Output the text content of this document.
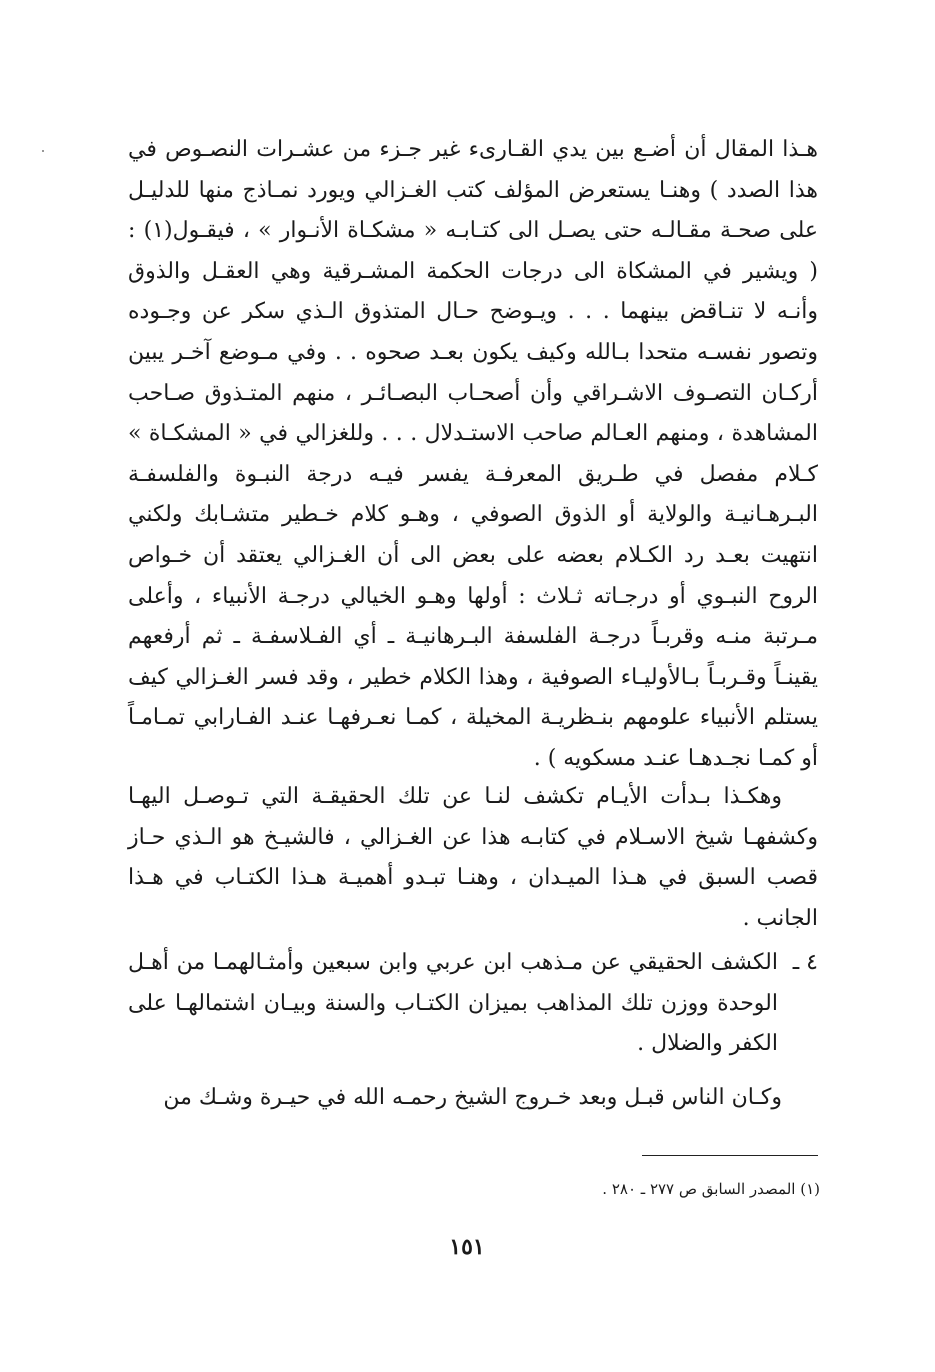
هـذا المقال أن أضـع بين يدي القـارىء غير جـزء من عشـرات النصـوص في هذا الصدد ) وهنـا يستعرض المؤلف كتب الغـزالي ويورد نمـاذج منها للدليـل على صحـة مقـالـه حتى يصـل الى كتـابـه « مشكـاة الأنـوار » ، فيقـول(١) : ( ويشير في المشكاة الى درجات الحكمة المشـرقية وهي العقـل والذوق وأنـه لا تنـاقض بينهما . . . ويـوضح حـال المتذوق الـذي سكر عن وجـوده وتصور نفسـه متحدا بـالله وكيف يكون بعـد صحوه . . وفي مـوضع آخـر يبين أركـان التصـوف الاشـراقي وأن أصحـاب البصـائـر ، منهم المتـذوق صـاحب المشاهدة ، ومنهم العـالم صاحب الاستـدلال . . . وللغزالي في « المشكـاة » كـلام مفصل في طـريق المعرفـة يفسر فيـه درجة النبـوة والفلسفـة البـرهـانيـة والولاية أو الذوق الصوفي ، وهـو كلام خـطير متشـابك ولكني انتهيت بعـد رد الكـلام بعضه على بعض الى أن الغـزالي يعتقد أن خـواص الروح النبـوي أو درجـاته ثـلاث : أولها وهـو الخيالي درجـة الأنبياء ، وأعلى مـرتبة منـه وقربـاً درجـة الفلسفة البـرهانيـة ـ أي الفـلاسفـة ـ ثم أرفعهم يقينـاً وقـربـاً بـالأوليـاء الصوفية ، وهذا الكلام خطير ، وقد فسر الغـزالي كيف يستلم الأنبياء علومهم بنـظريـة المخيلة ، كمـا نعـرفهـا عنـد الفـارابي تمـامـاً أو كمـا نجـدهـا عنـد مسكويه ) .
وهكـذا بـدأت الأيـام تكشف لنـا عن تلك الحقيقـة التي تـوصـل اليهـا وكشفهـا شيخ الاسـلام في كتابـه هذا عن الغـزالي ، فالشيـخ هو الـذي حـاز قصب السبق في هـذا الميـدان ، وهنـا تبـدو أهميـة هـذا الكتـاب في هـذا الجانب .
٤ ـ
الكشف الحقيقي عن مـذهب ابن عربي وابن سبعين وأمثـالهمـا من أهـل الوحدة ووزن تلك المذاهب بميزان الكتـاب والسنة وبيـان اشتمالهـا على الكفر والضلال .
وكـان الناس قبـل وبعد خـروج الشيخ رحمـه الله في حيـرة وشـك من
(١) المصدر السابق ص ٢٧٧ ـ ٢٨٠ .
١٥١
